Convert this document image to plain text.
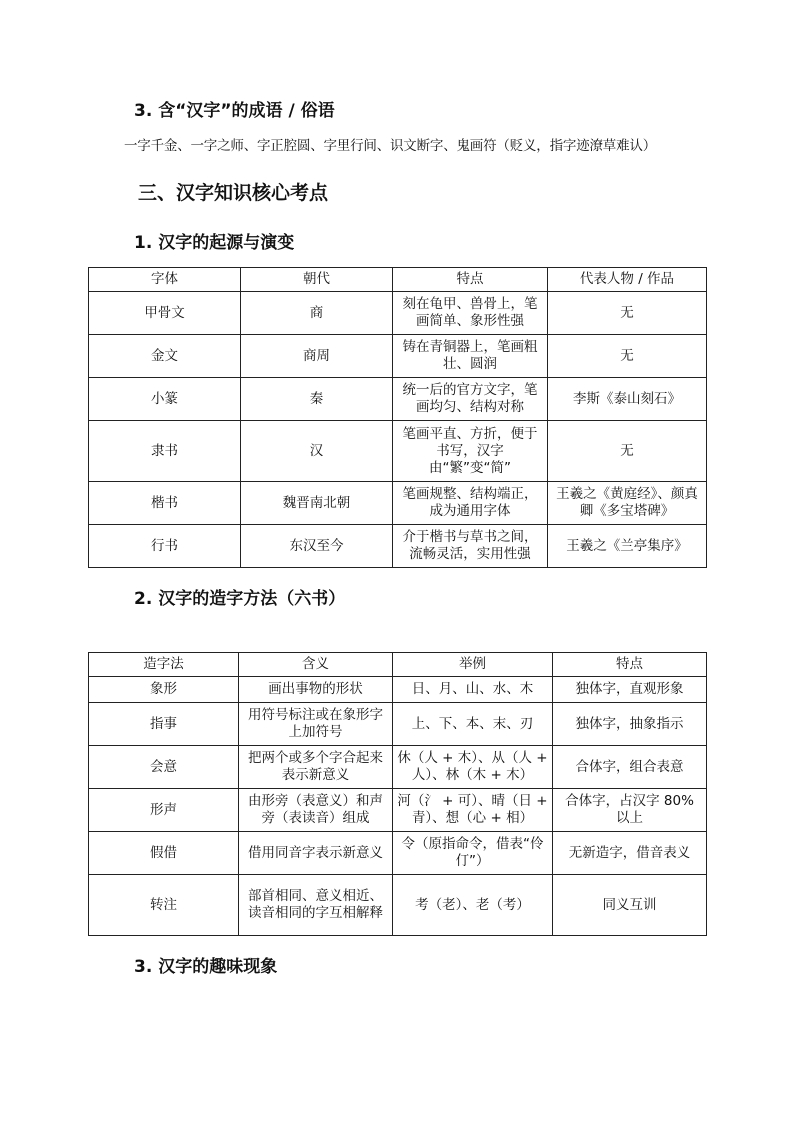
3. 含“汉字”的成语 / 俗语
一字千金、一字之师、字正腔圆、字里行间、识文断字、鬼画符（贬义，指字迹潦草难认）
三、汉字知识核心考点
1. 汉字的起源与演变
字体	朝代	特点	代表人物 / 作品
甲骨文	商	刻在龟甲、兽骨上，笔画简单、象形性强	无
金文	商周	铸在青铜器上，笔画粗壮、圆润	无
小篆	秦	统一后的官方文字，笔画均匀、结构对称	李斯《泰山刻石》
隶书	汉	笔画平直、方折，便于书写，汉字由“繁”变“简”	无
楷书	魏晋南北朝	笔画规整、结构端正，成为通用字体	王羲之《黄庭经》、颜真卿《多宝塔碑》
行书	东汉至今	介于楷书与草书之间，流畅灵活，实用性强	王羲之《兰亭集序》
2. 汉字的造字方法（六书）
造字法	含义	举例	特点
象形	画出事物的形状	日、月、山、水、木	独体字，直观形象
指事	用符号标注或在象形字上加符号	上、下、本、末、刃	独体字，抽象指示
会意	把两个或多个字合起来表示新意义	休（人 + 木）、从（人 + 人）、林（木 + 木）	合体字，组合表意
形声	由形旁（表意义）和声旁（表读音）组成	河（氵 + 可）、晴（日 + 青）、想（心 + 相）	合体字，占汉字 80% 以上
假借	借用同音字表示新意义	令（原指命令，借表“伶仃”）	无新造字，借音表义
转注	部首相同、意义相近、读音相同的字互相解释	考（老）、老（考）	同义互训
3. 汉字的趣味现象
